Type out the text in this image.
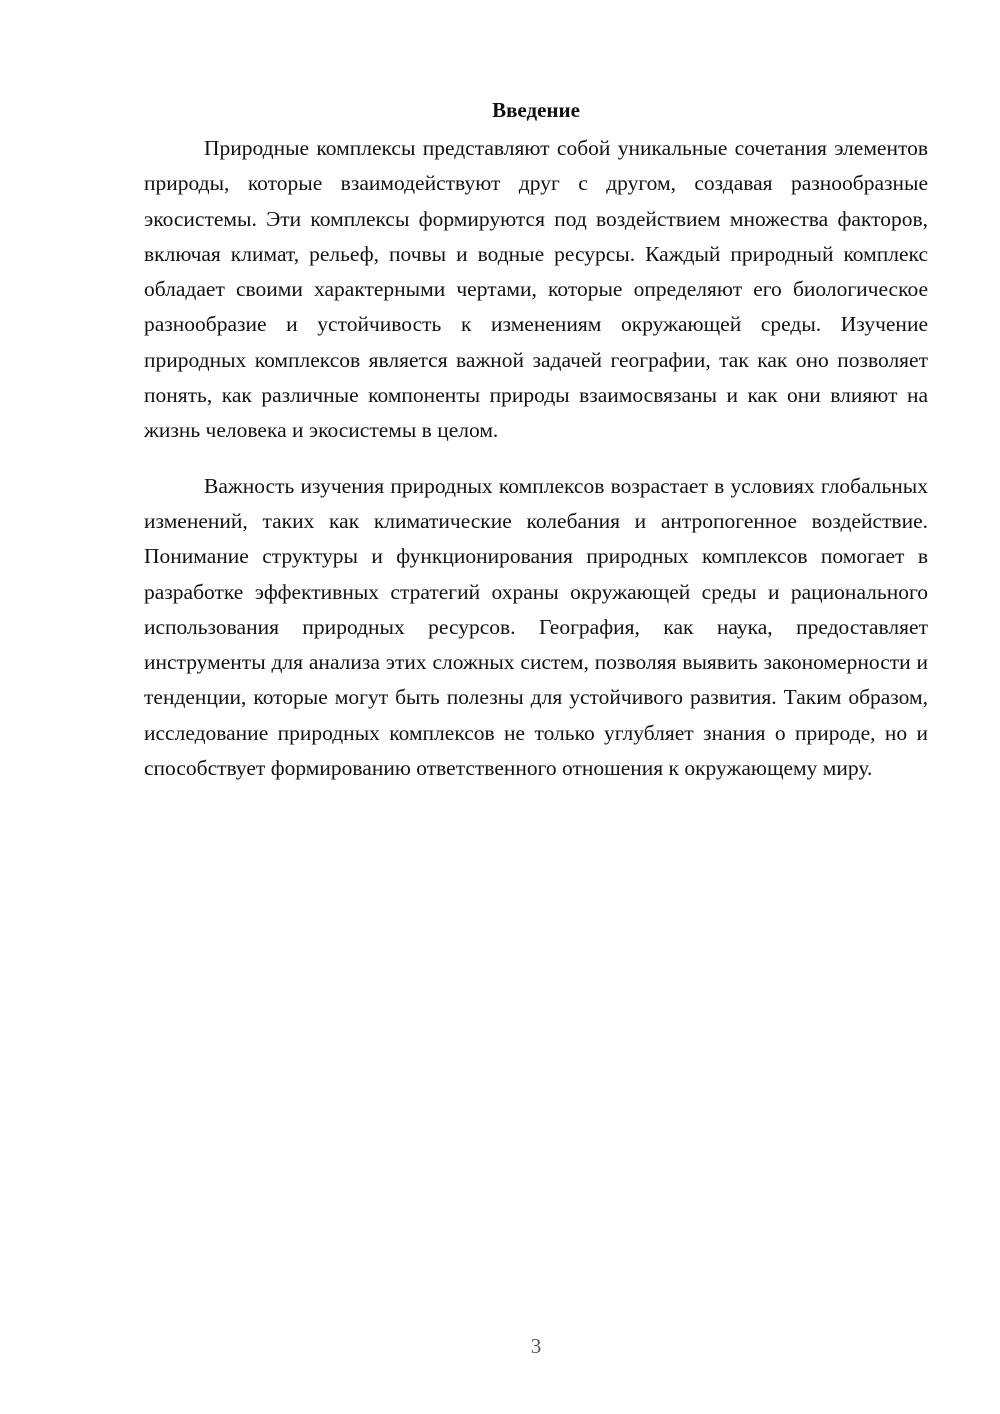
Введение

Природные комплексы представляют собой уникальные сочетания элементов природы, которые взаимодействуют друг с другом, создавая разнообразные экосистемы. Эти комплексы формируются под воздействием множества факторов, включая климат, рельеф, почвы и водные ресурсы. Каждый природный комплекс обладает своими характерными чертами, которые определяют его биологическое разнообразие и устойчивость к изменениям окружающей среды. Изучение природных комплексов является важной задачей географии, так как оно позволяет понять, как различные компоненты природы взаимосвязаны и как они влияют на жизнь человека и экосистемы в целом.

Важность изучения природных комплексов возрастает в условиях глобальных изменений, таких как климатические колебания и антропогенное воздействие. Понимание структуры и функционирования природных комплексов помогает в разработке эффективных стратегий охраны окружающей среды и рационального использования природных ресурсов. География, как наука, предоставляет инструменты для анализа этих сложных систем, позволяя выявить закономерности и тенденции, которые могут быть полезны для устойчивого развития. Таким образом, исследование природных комплексов не только углубляет знания о природе, но и способствует формированию ответственного отношения к окружающему миру.

3
